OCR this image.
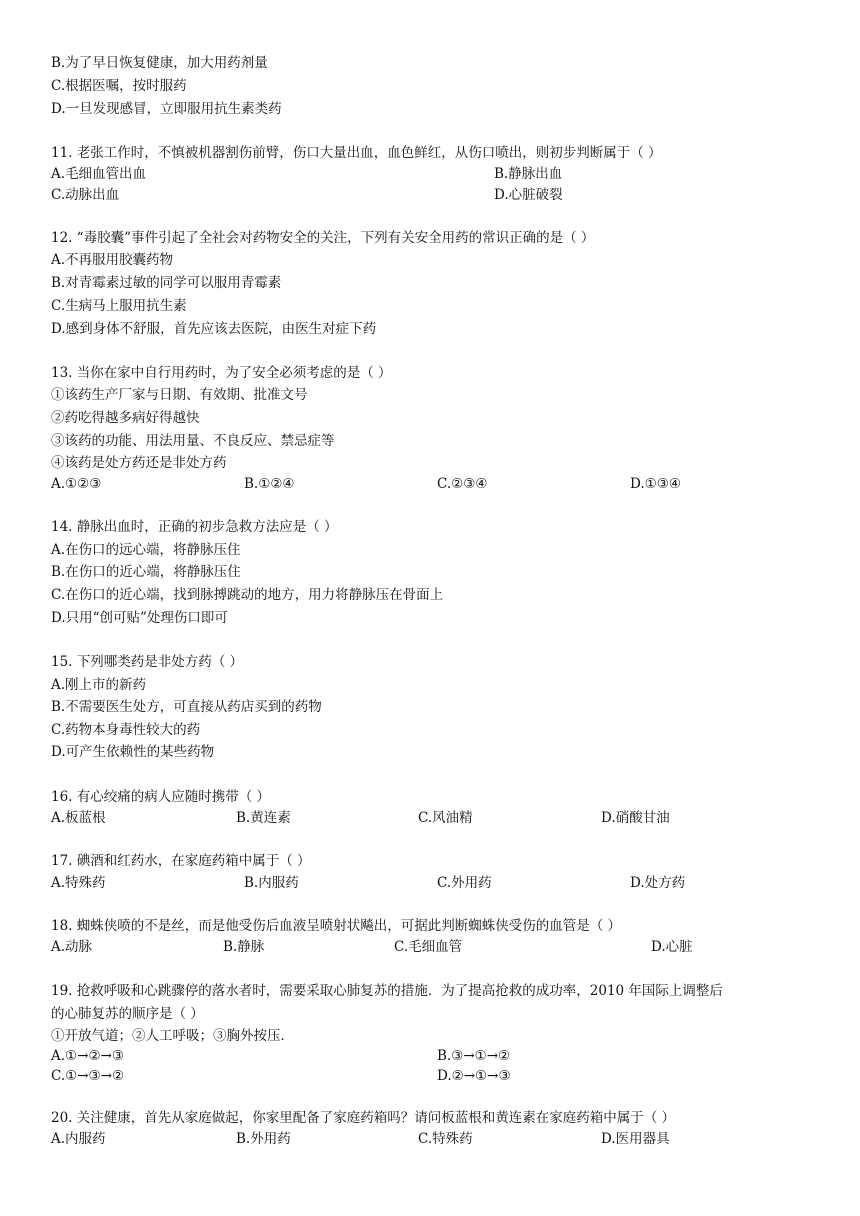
B.为了早日恢复健康，加大用药剂量
C.根据医嘱，按时服药
D.一旦发现感冒，立即服用抗生素类药
11. 老张工作时，不慎被机器割伤前臂，伤口大量出血，血色鲜红，从伤口喷出，则初步判断属于（ ）
A.毛细血管出血	B.静脉出血
C.动脉出血	D.心脏破裂
12. “毒胶囊”事件引起了全社会对药物安全的关注，下列有关安全用药的常识正确的是（ ）
A.不再服用胶囊药物
B.对青霉素过敏的同学可以服用青霉素
C.生病马上服用抗生素
D.感到身体不舒服，首先应该去医院，由医生对症下药
13. 当你在家中自行用药时，为了安全必须考虑的是（ ）
①该药生产厂家与日期、有效期、批准文号
②药吃得越多病好得越快
③该药的功能、用法用量、不良反应、禁忌症等
④该药是处方药还是非处方药
A.①②③	B.①②④	C.②③④	D.①③④
14. 静脉出血时，正确的初步急救方法应是（ ）
A.在伤口的远心端，将静脉压住
B.在伤口的近心端，将静脉压住
C.在伤口的近心端，找到脉搏跳动的地方，用力将静脉压在骨面上
D.只用“创可贴”处理伤口即可
15. 下列哪类药是非处方药（ ）
A.刚上市的新药
B.不需要医生处方，可直接从药店买到的药物
C.药物本身毒性较大的药
D.可产生依赖性的某些药物
16. 有心绞痛的病人应随时携带（ ）
A.板蓝根	B.黄连素	C.风油精	D.硝酸甘油
17. 碘酒和红药水，在家庭药箱中属于（ ）
A.特殊药	B.内服药	C.外用药	D.处方药
18. 蜘蛛侠喷的不是丝，而是他受伤后血液呈喷射状飚出，可据此判断蜘蛛侠受伤的血管是（ ）
A.动脉	B.静脉	C.毛细血管	D.心脏
19. 抢救呼吸和心跳骤停的落水者时，需要采取心肺复苏的措施．为了提高抢救的成功率，2010 年国际上调整后
的心肺复苏的顺序是（ ）
①开放气道；②人工呼吸；③胸外按压．
A.①→②→③	B.③→①→②
C.①→③→②	D.②→①→③
20. 关注健康，首先从家庭做起，你家里配备了家庭药箱吗？请问板蓝根和黄连素在家庭药箱中属于（ ）
A.内服药	B.外用药	C.特殊药	D.医用器具
